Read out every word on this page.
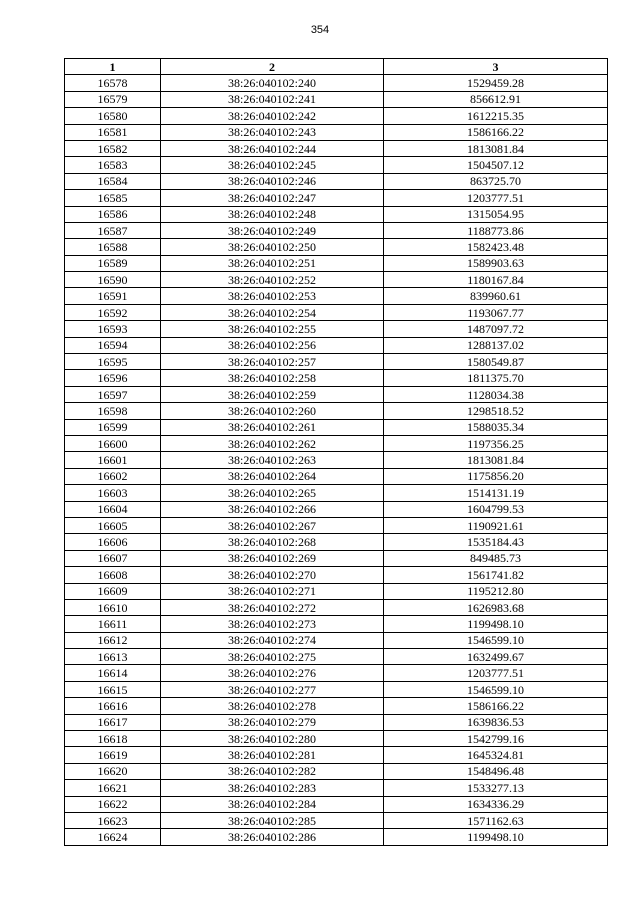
354
1	2	3
16578	38:26:040102:240	1529459.28
16579	38:26:040102:241	856612.91
16580	38:26:040102:242	1612215.35
16581	38:26:040102:243	1586166.22
16582	38:26:040102:244	1813081.84
16583	38:26:040102:245	1504507.12
16584	38:26:040102:246	863725.70
16585	38:26:040102:247	1203777.51
16586	38:26:040102:248	1315054.95
16587	38:26:040102:249	1188773.86
16588	38:26:040102:250	1582423.48
16589	38:26:040102:251	1589903.63
16590	38:26:040102:252	1180167.84
16591	38:26:040102:253	839960.61
16592	38:26:040102:254	1193067.77
16593	38:26:040102:255	1487097.72
16594	38:26:040102:256	1288137.02
16595	38:26:040102:257	1580549.87
16596	38:26:040102:258	1811375.70
16597	38:26:040102:259	1128034.38
16598	38:26:040102:260	1298518.52
16599	38:26:040102:261	1588035.34
16600	38:26:040102:262	1197356.25
16601	38:26:040102:263	1813081.84
16602	38:26:040102:264	1175856.20
16603	38:26:040102:265	1514131.19
16604	38:26:040102:266	1604799.53
16605	38:26:040102:267	1190921.61
16606	38:26:040102:268	1535184.43
16607	38:26:040102:269	849485.73
16608	38:26:040102:270	1561741.82
16609	38:26:040102:271	1195212.80
16610	38:26:040102:272	1626983.68
16611	38:26:040102:273	1199498.10
16612	38:26:040102:274	1546599.10
16613	38:26:040102:275	1632499.67
16614	38:26:040102:276	1203777.51
16615	38:26:040102:277	1546599.10
16616	38:26:040102:278	1586166.22
16617	38:26:040102:279	1639836.53
16618	38:26:040102:280	1542799.16
16619	38:26:040102:281	1645324.81
16620	38:26:040102:282	1548496.48
16621	38:26:040102:283	1533277.13
16622	38:26:040102:284	1634336.29
16623	38:26:040102:285	1571162.63
16624	38:26:040102:286	1199498.10
